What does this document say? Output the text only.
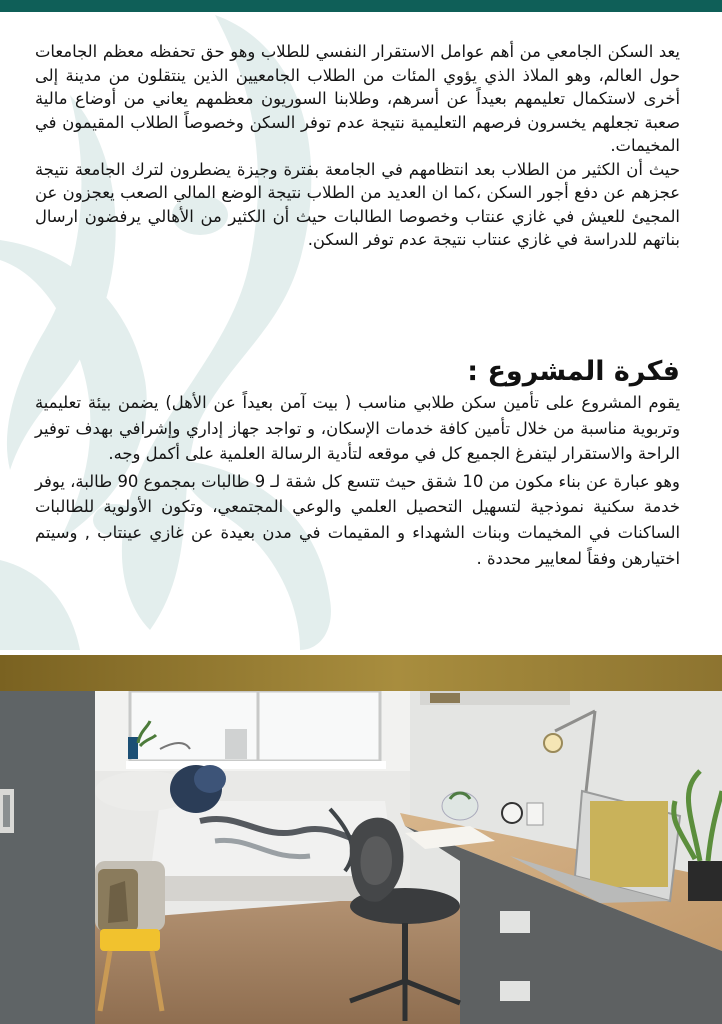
يعد السكن الجامعي من أهم عوامل الاستقرار النفسي للطلاب وهو حق تحفظه معظم الجامعات حول العالم، وهو الملاذ الذي يؤوي المئات من الطلاب الجامعيين الذين ينتقلون من مدينة إلى أخرى لاستكمال تعليمهم بعيداً عن أسرهم، وطلابنا السوريون معظمهم يعاني من أوضاع مالية صعبة تجعلهم يخسرون فرصهم التعليمية نتيجة عدم توفر السكن وخصوصاً الطلاب المقيمون في المخيمات.

حيث أن الكثير من الطلاب بعد انتظامهم في الجامعة بفترة وجيزة يضطرون لترك الجامعة نتيجة عجزهم عن دفع أجور السكن ،كما ان العديد من الطلاب نتيجة الوضع المالي الصعب يعجزون عن المجيئ للعيش في غازي عنتاب وخصوصا الطالبات حيث أن الكثير من الأهالي يرفضون ارسال بناتهم للدراسة في غازي عنتاب نتيجة عدم توفر السكن.

فكرة المشروع :

يقوم المشروع على تأمين سكن طلابي مناسب ( بيت آمن بعيداً عن الأهل) يضمن بيئة تعليمية وتربوية مناسبة من خلال تأمين كافة خدمات الإسكان، و تواجد جهاز إداري وإشرافي بهدف توفير الراحة والاستقرار ليتفرغ الجميع كل في موقعه لتأدية الرسالة العلمية على أكمل وجه.

وهو عبارة عن بناء مكون من 10 شقق حيث تتسع كل شقة لـ 9 طالبات بمجموع 90 طالبة، يوفر خدمة سكنية نموذجية لتسهيل التحصيل العلمي والوعي المجتمعي، وتكون الأولوية للطالبات الساكنات في المخيمات وبنات الشهداء و المقيمات في مدن بعيدة عن غازي عينتاب , وسيتم اختيارهن وفقاً لمعايير محددة .
